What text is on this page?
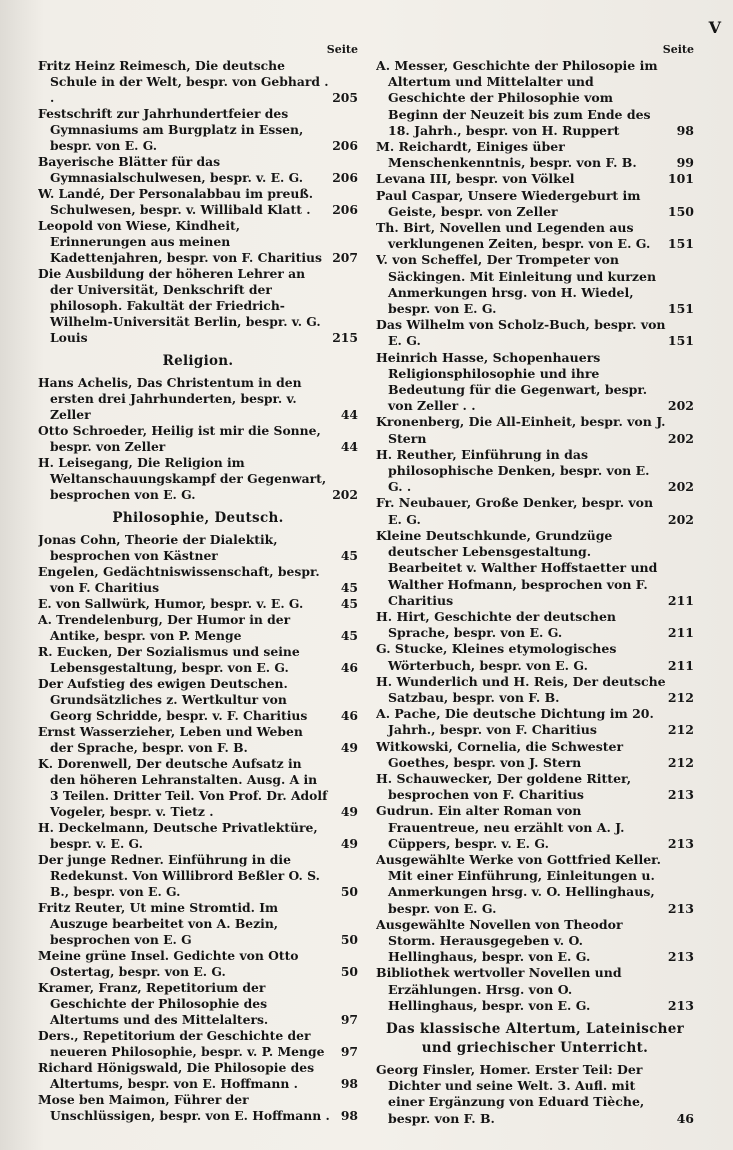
V
Seite

Fritz Heinz Reimesch, Die deutsche Schule in der Welt, bespr. von Gebhard . .	205

Festschrift zur Jahrhundertfeier des Gymnasiums am Burgplatz in Essen, bespr. von E. G.	206

Bayerische Blätter für das Gymnasialschulwesen, bespr. v. E. G. 206

W. Landé, Der Personalabbau im preuß. Schulwesen, bespr. v. Willibald Klatt . 206

Leopold von Wiese, Kindheit, Erinnerungen aus meinen Kadettenjahren, bespr. von F. Charitius 207

Die Ausbildung der höheren Lehrer an der Universität, Denkschrift der philosoph. Fakultät der Friedrich-Wilhelm-Universität Berlin, bespr. v. G. Louis	215

Religion.

Hans Achelis, Das Christentum in den ersten drei Jahrhunderten, bespr. v. Zeller	44

Otto Schroeder, Heilig ist mir die Sonne, bespr. von Zeller	44

H. Leisegang, Die Religion im Weltanschauungskampf der Gegenwart, besprochen von E. G.	202

Philosophie, Deutsch.

Jonas Cohn, Theorie der Dialektik, besprochen von Kästner	45

Engelen, Gedächtniswissenschaft, bespr. von F. Charitius	45

E. von Sallwürk, Humor, bespr. v. E. G.	45

A. Trendelenburg, Der Humor in der Antike, bespr. von P. Menge	45

R. Eucken, Der Sozialismus und seine Lebensgestaltung, bespr. von E. G.	46

Der Aufstieg des ewigen Deutschen. Grundsätzliches z. Wertkultur von Georg Schridde, bespr. v. F. Charitius	46

Ernst Wasserzieher, Leben und Weben der Sprache, bespr. von F. B.	49

K. Dorenwell, Der deutsche Aufsatz in den höheren Lehranstalten. Ausg. A in 3 Teilen. Dritter Teil. Von Prof. Dr. Adolf Vogeler, bespr. v. Tietz .	49

H. Deckelmann, Deutsche Privatlektüre, bespr. v. E. G.	49

Der junge Redner. Einführung in die Redekunst. Von Willibrord Beßler O. S. B., bespr. von E. G.	50

Fritz Reuter, Ut mine Stromtid. Im Auszuge bearbeitet von A. Bezin, besprochen von E. G	50

Meine grüne Insel. Gedichte von Otto Ostertag, bespr. von E. G.	50

Kramer, Franz, Repetitorium der Geschichte der Philosophie des Altertums und des Mittelalters.	97

Ders., Repetitorium der Geschichte der neueren Philosophie, bespr. v. P. Menge 97

Richard Hönigswald, Die Philosopie des Altertums, bespr. von E. Hoffmann .	98

Mose ben Maimon, Führer der Unschlüssigen, bespr. von E. Hoffmann . 98

Seite

A. Messer, Geschichte der Philosopie im Altertum und Mittelalter und Geschichte der Philosophie vom Beginn der Neuzeit bis zum Ende des 18. Jahrh., bespr. von H. Ruppert	98

M. Reichardt, Einiges über Menschenkenntnis, bespr. von F. B.	99

Levana III, bespr. von Völkel	101

Paul Caspar, Unsere Wiedergeburt im Geiste, bespr. von Zeller	150

Th. Birt, Novellen und Legenden aus verklungenen Zeiten, bespr. von E. G. 151

V. von Scheffel, Der Trompeter von Säckingen. Mit Einleitung und kurzen Anmerkungen hrsg. von H. Wiedel, bespr. von E. G.	151

Das Wilhelm von Scholz-Buch, bespr. von E. G.	151

Heinrich Hasse, Schopenhauers Religionsphilosophie und ihre Bedeutung für die Gegenwart, bespr. von Zeller . .	202

Kronenberg, Die All-Einheit, bespr. von J. Stern	202

H. Reuther, Einführung in das philosophische Denken, bespr. von E. G. .	202

Fr. Neubauer, Große Denker, bespr. von E. G.	202

Kleine Deutschkunde, Grundzüge deutscher Lebensgestaltung. Bearbeitet v. Walther Hoffstaetter und Walther Hofmann, besprochen von F. Charitius	211

H. Hirt, Geschichte der deutschen Sprache, bespr. von E. G.	211

G. Stucke, Kleines etymologisches Wörterbuch, bespr. von E. G.	211

H. Wunderlich und H. Reis, Der deutsche Satzbau, bespr. von F. B.	212

A. Pache, Die deutsche Dichtung im 20. Jahrh., bespr. von F. Charitius	212

Witkowski, Cornelia, die Schwester Goethes, bespr. von J. Stern	212

H. Schauwecker, Der goldene Ritter, besprochen von F. Charitius	213

Gudrun. Ein alter Roman von Frauentreue, neu erzählt von A. J. Cüppers, bespr. v. E. G.	213

Ausgewählte Werke von Gottfried Keller. Mit einer Einführung, Einleitungen u. Anmerkungen hrsg. v. O. Hellinghaus, bespr. von E. G.	213

Ausgewählte Novellen von Theodor Storm. Herausgegeben v. O. Hellinghaus, bespr. von E. G.	213

Bibliothek wertvoller Novellen und Erzählungen. Hrsg. von O. Hellinghaus, bespr. von E. G.	213

Das klassische Altertum, Lateinischer und griechischer Unterricht.

Georg Finsler, Homer. Erster Teil: Der Dichter und seine Welt. 3. Aufl. mit einer Ergänzung von Eduard Tièche, bespr. von F. B.	46
